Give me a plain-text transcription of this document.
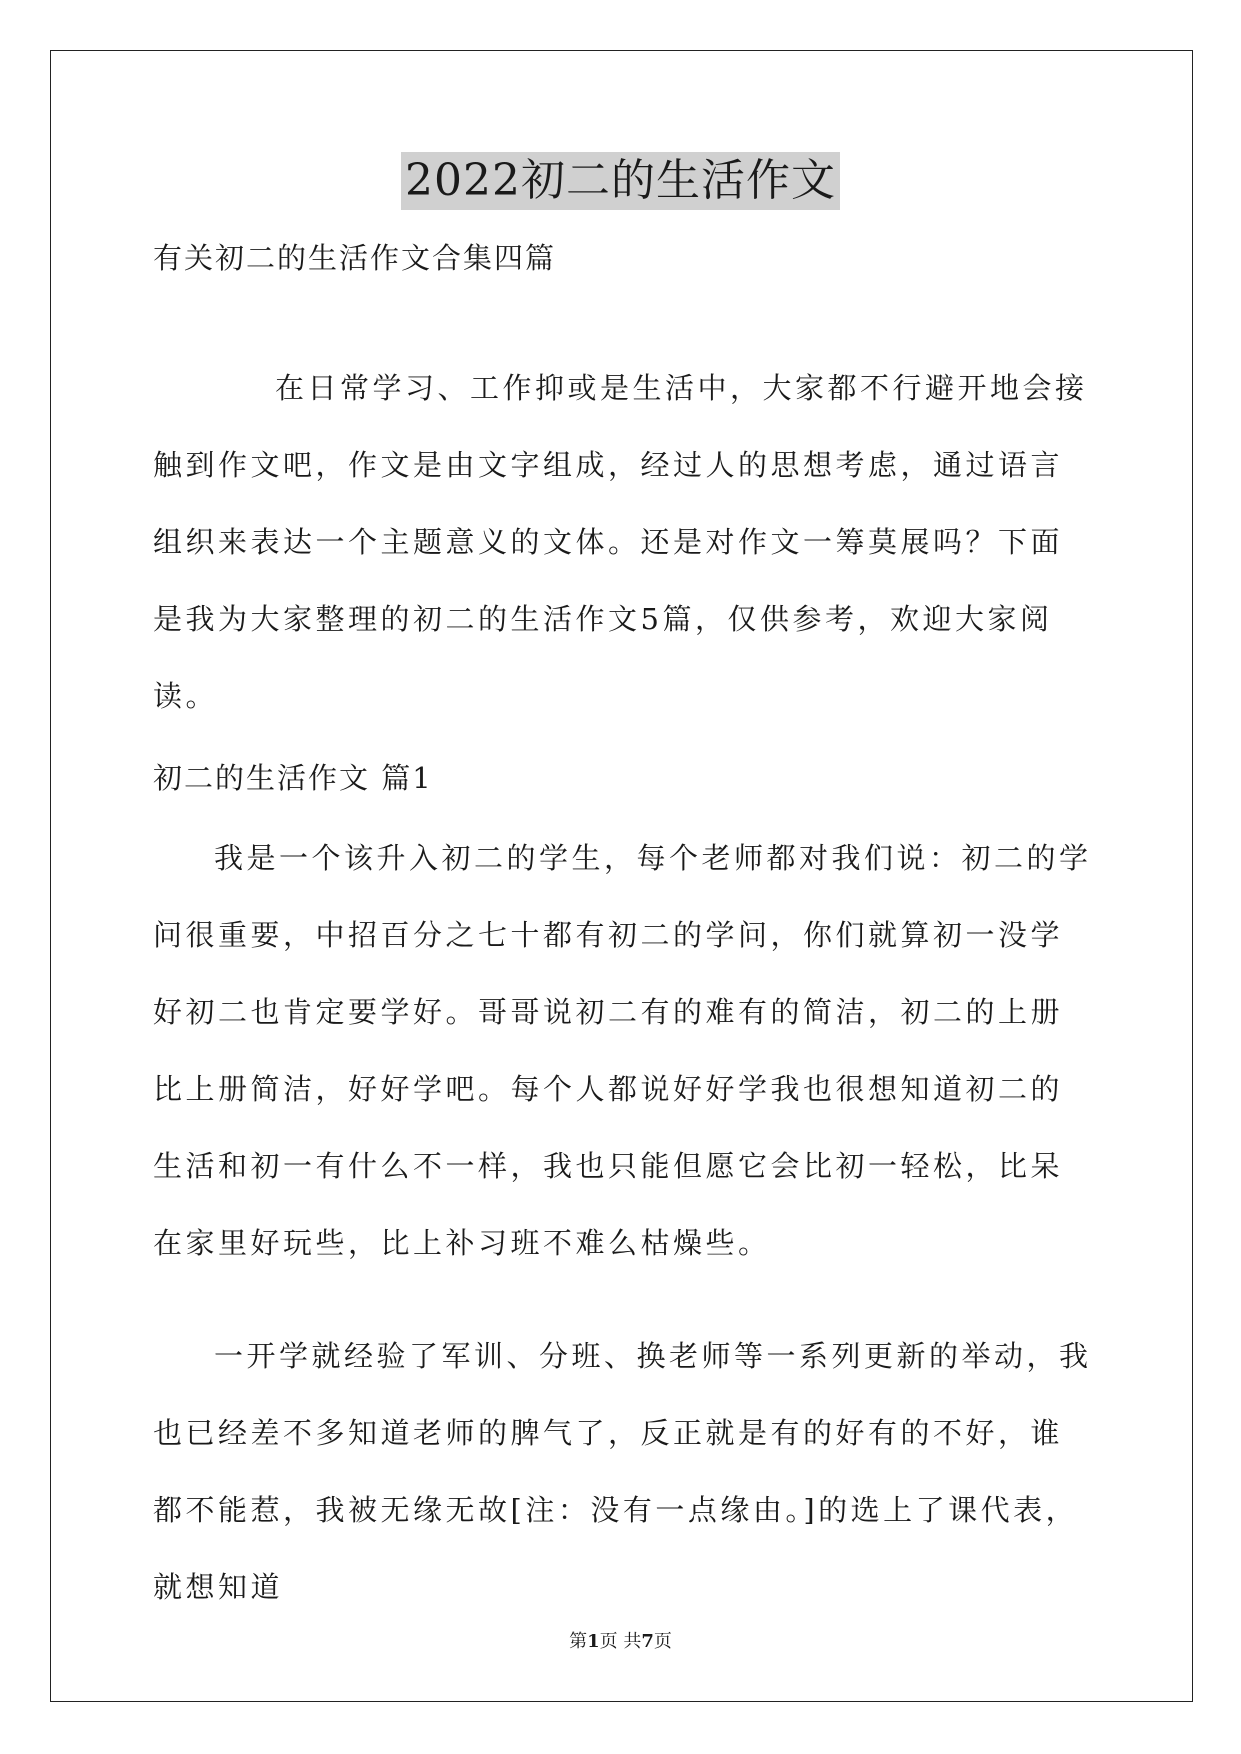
2022初二的生活作文
有关初二的生活作文合集四篇

在日常学习、工作抑或是生活中，大家都不行避开地会接触到作文吧，作文是由文字组成，经过人的思想考虑，通过语言组织来表达一个主题意义的文体。还是对作文一筹莫展吗？下面是我为大家整理的初二的生活作文5篇，仅供参考，欢迎大家阅读。

初二的生活作文 篇1

我是一个该升入初二的学生，每个老师都对我们说：初二的学问很重要，中招百分之七十都有初二的学问，你们就算初一没学好初二也肯定要学好。哥哥说初二有的难有的简洁，初二的上册比上册简洁，好好学吧。每个人都说好好学我也很想知道初二的生活和初一有什么不一样，我也只能但愿它会比初一轻松，比呆在家里好玩些，比上补习班不难么枯燥些。

一开学就经验了军训、分班、换老师等一系列更新的举动，我也已经差不多知道老师的脾气了，反正就是有的好有的不好，谁都不能惹，我被无缘无故[注：没有一点缘由。]的选上了课代表，就想知道

第1页 共7页
